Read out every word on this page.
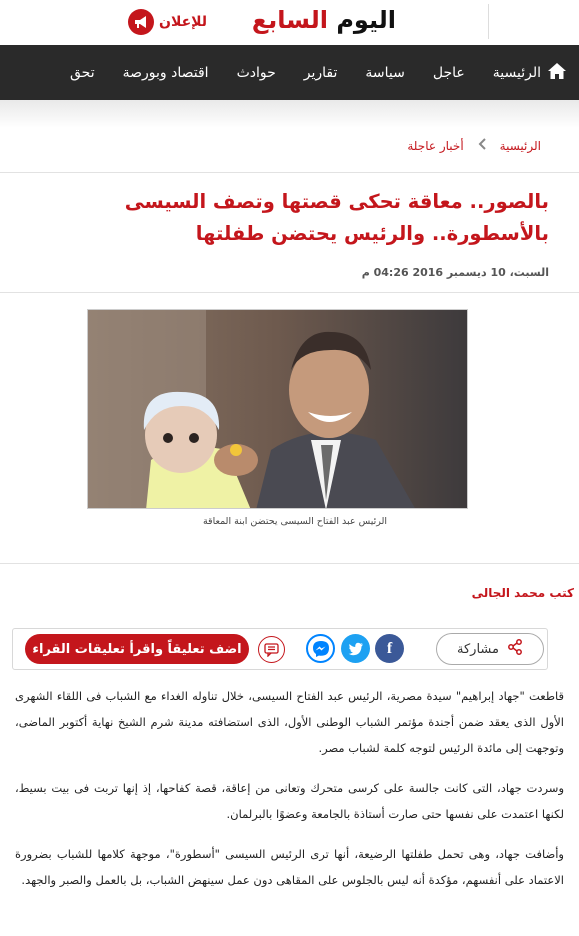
اليوم السابع
للإعلان
الرئيسية
عاجل
سياسة
تقارير
حوادث
اقتصاد وبورصة
تحق
الرئيسية
أخبار عاجلة
بالصور.. معاقة تحكى قصتها وتصف السيسى بالأسطورة.. والرئيس يحتضن طفلتها
السبت، 10 ديسمبر 2016 04:26 م
الرئيس عبد الفتاح السيسى يحتضن ابنة المعاقة
كتب محمد الجالى
مشاركة
f
اضف تعليقاً واقرأ تعليقات القراء

قاطعت "جهاد إبراهيم" سيدة مصرية، الرئيس عبد الفتاح السيسى، خلال تناوله الغداء مع الشباب فى اللقاء الشهرى الأول الذى يعقد ضمن أجندة مؤتمر الشباب الوطنى الأول، الذى استضافته مدينة شرم الشيخ نهاية أكتوبر الماضى، وتوجهت إلى مائدة الرئيس لتوجه كلمة لشباب مصر.

وسردت جهاد، التى كانت جالسة على كرسى متحرك وتعانى من إعاقة، قصة كفاحها، إذ إنها تربت فى بيت بسيط، لكنها اعتمدت على نفسها حتى صارت أستاذة بالجامعة وعضوًا بالبرلمان.

وأضافت جهاد، وهى تحمل طفلتها الرضيعة، أنها ترى الرئيس السيسى "أسطورة"، موجهة كلامها للشباب بضرورة الاعتماد على أنفسهم، مؤكدة أنه ليس بالجلوس على المقاهى دون عمل سينهض الشباب، بل بالعمل والصبر والجهد.
